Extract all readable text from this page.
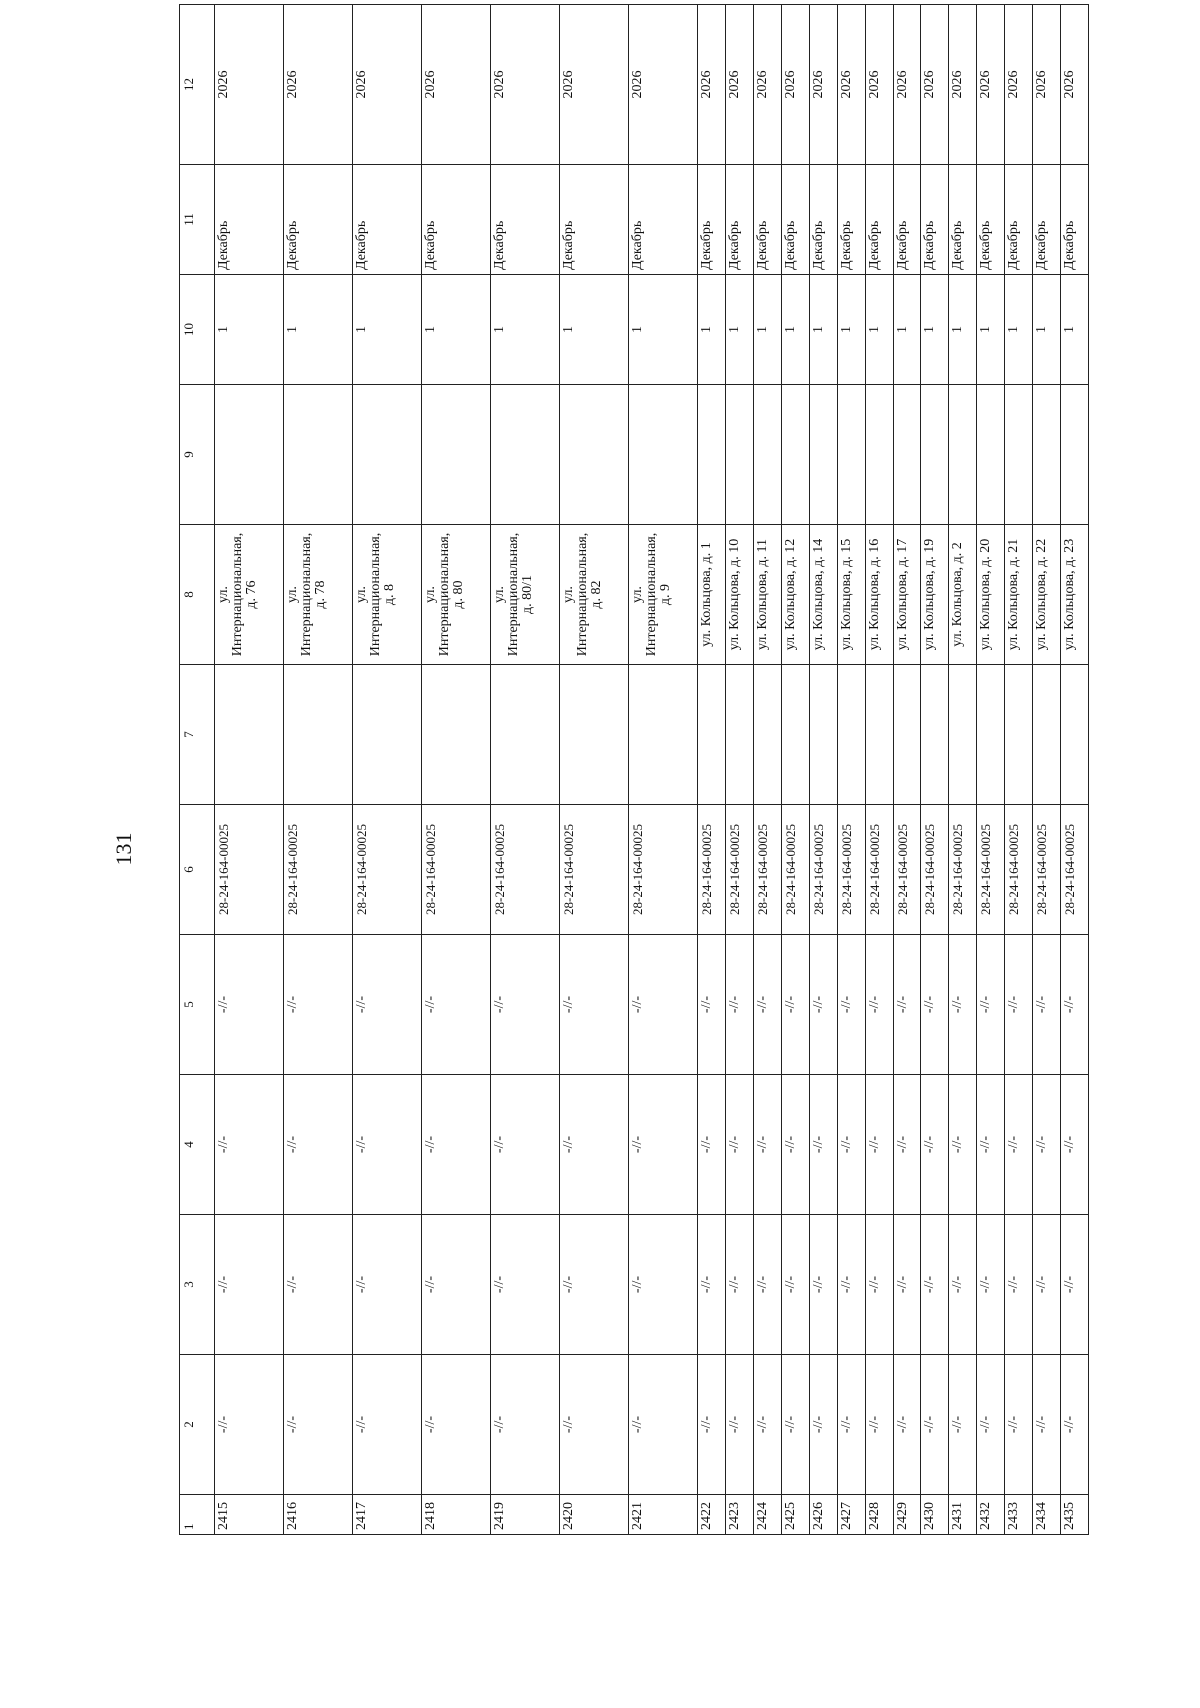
131
1	2	3	4	5	6	7	8	9	10	11	12
2415	-//-	-//-	-//-	-//-	28-24-164-00025		ул. Интернациональная, д. 76		1	Декабрь	2026
2416	-//-	-//-	-//-	-//-	28-24-164-00025		ул. Интернациональная, д. 78		1	Декабрь	2026
2417	-//-	-//-	-//-	-//-	28-24-164-00025		ул. Интернациональная, д. 8		1	Декабрь	2026
2418	-//-	-//-	-//-	-//-	28-24-164-00025		ул. Интернациональная, д. 80		1	Декабрь	2026
2419	-//-	-//-	-//-	-//-	28-24-164-00025		ул. Интернациональная, д. 80/1		1	Декабрь	2026
2420	-//-	-//-	-//-	-//-	28-24-164-00025		ул. Интернациональная, д. 82		1	Декабрь	2026
2421	-//-	-//-	-//-	-//-	28-24-164-00025		ул. Интернациональная, д. 9		1	Декабрь	2026
2422	-//-	-//-	-//-	-//-	28-24-164-00025		ул. Кольцова, д. 1		1	Декабрь	2026
2423	-//-	-//-	-//-	-//-	28-24-164-00025		ул. Кольцова, д. 10		1	Декабрь	2026
2424	-//-	-//-	-//-	-//-	28-24-164-00025		ул. Кольцова, д. 11		1	Декабрь	2026
2425	-//-	-//-	-//-	-//-	28-24-164-00025		ул. Кольцова, д. 12		1	Декабрь	2026
2426	-//-	-//-	-//-	-//-	28-24-164-00025		ул. Кольцова, д. 14		1	Декабрь	2026
2427	-//-	-//-	-//-	-//-	28-24-164-00025		ул. Кольцова, д. 15		1	Декабрь	2026
2428	-//-	-//-	-//-	-//-	28-24-164-00025		ул. Кольцова, д. 16		1	Декабрь	2026
2429	-//-	-//-	-//-	-//-	28-24-164-00025		ул. Кольцова, д. 17		1	Декабрь	2026
2430	-//-	-//-	-//-	-//-	28-24-164-00025		ул. Кольцова, д. 19		1	Декабрь	2026
2431	-//-	-//-	-//-	-//-	28-24-164-00025		ул. Кольцова, д. 2		1	Декабрь	2026
2432	-//-	-//-	-//-	-//-	28-24-164-00025		ул. Кольцова, д. 20		1	Декабрь	2026
2433	-//-	-//-	-//-	-//-	28-24-164-00025		ул. Кольцова, д. 21		1	Декабрь	2026
2434	-//-	-//-	-//-	-//-	28-24-164-00025		ул. Кольцова, д. 22		1	Декабрь	2026
2435	-//-	-//-	-//-	-//-	28-24-164-00025		ул. Кольцова, д. 23		1	Декабрь	2026
